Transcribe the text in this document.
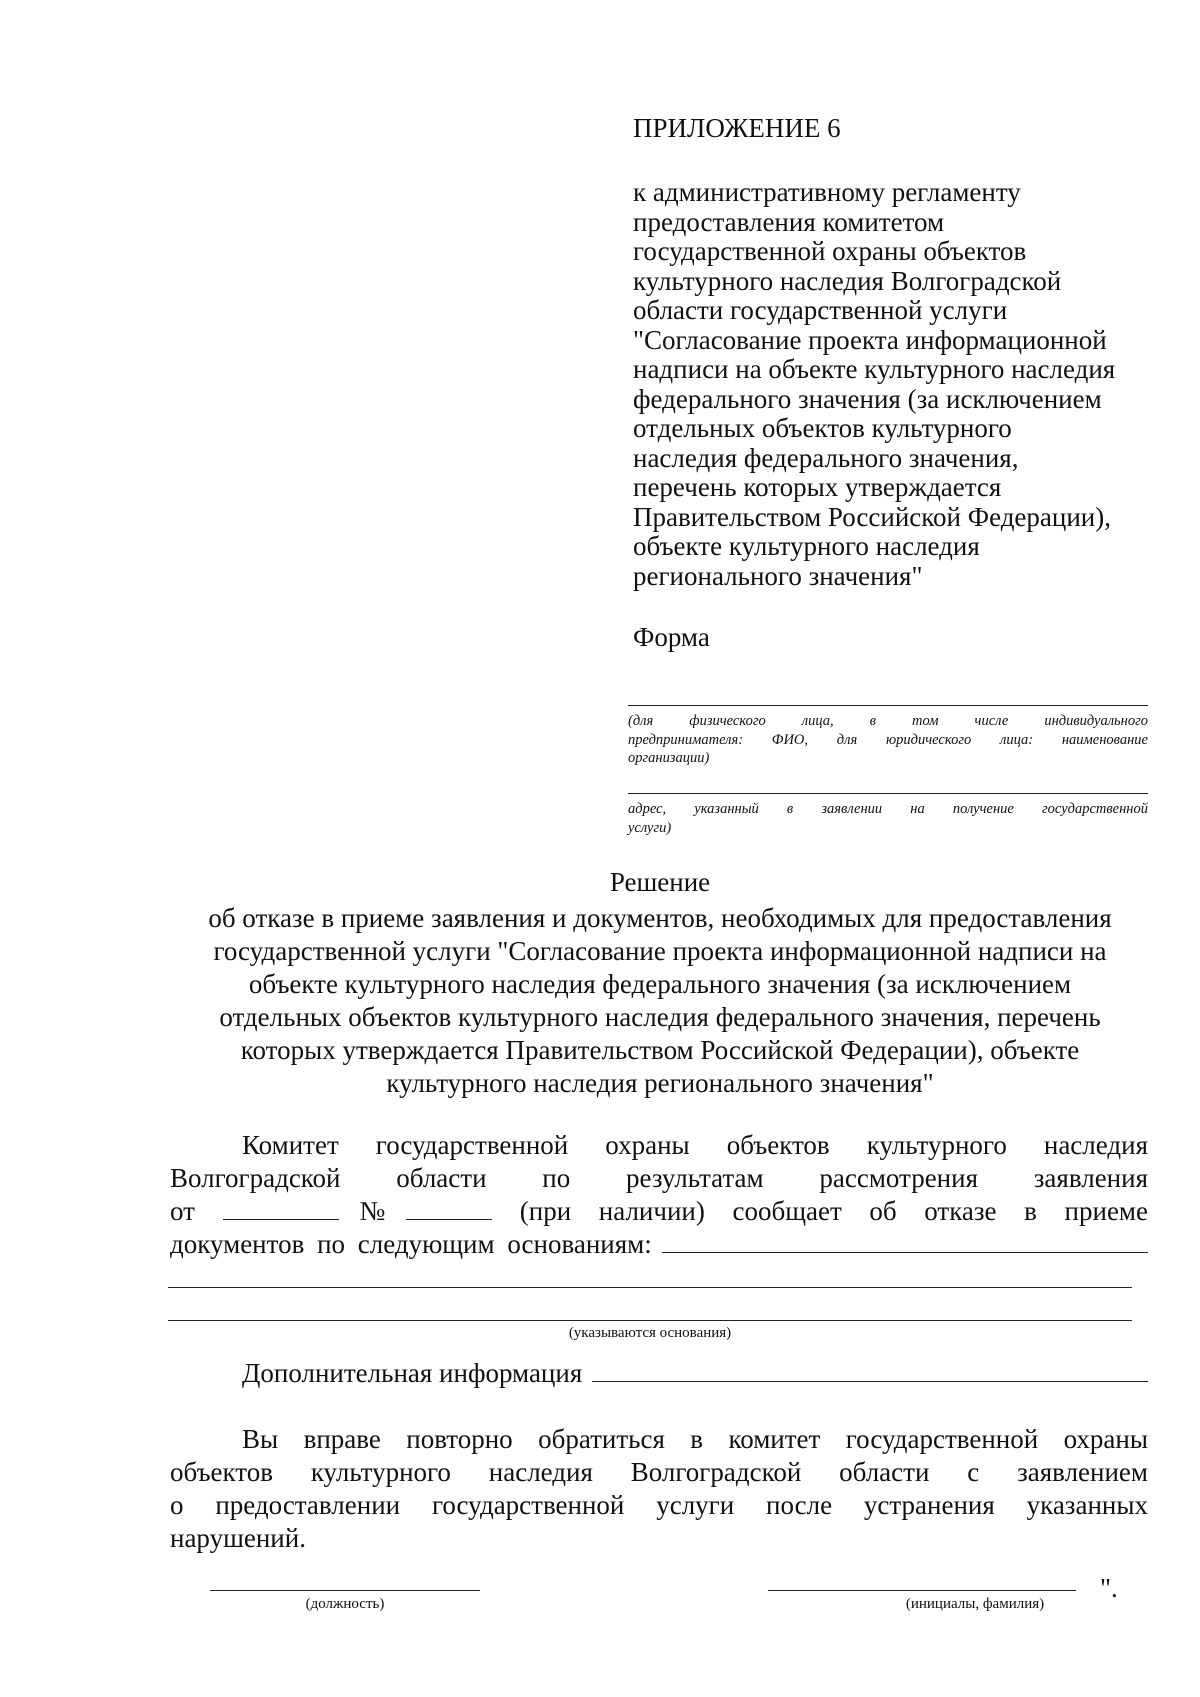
ПРИЛОЖЕНИЕ 6
к административному регламенту
предоставления комитетом
государственной охраны объектов
культурного наследия Волгоградской
области государственной услуги
"Согласование проекта информационной
надписи на объекте культурного наследия
федерального значения (за исключением
отдельных объектов культурного
наследия федерального значения,
перечень которых утверждается
Правительством Российской Федерации),
объекте культурного наследия
регионального значения"
Форма
(для физического лица, в том числе индивидуального
предпринимателя: ФИО, для юридического лица: наименование
организации)
адрес, указанный в заявлении на получение государственной
услуги)
Решение
об отказе в приеме заявления и документов, необходимых для предоставления
государственной услуги "Согласование проекта информационной надписи на
объекте культурного наследия федерального значения (за исключением
отдельных объектов культурного наследия федерального значения, перечень
которых утверждается Правительством Российской Федерации), объекте
культурного наследия регионального значения"
Комитет государственной охраны объектов культурного наследия
Волгоградской области по результатам рассмотрения заявления
от	№	(при наличии) сообщает об отказе в приеме
документов по следующим основаниям:
(указываются основания)
Дополнительная информация
Вы вправе повторно обратиться в комитет государственной охраны
объектов культурного наследия Волгоградской области с заявлением
о предоставлении государственной услуги после устранения указанных
нарушений.
(должность)	(инициалы, фамилия)
".
